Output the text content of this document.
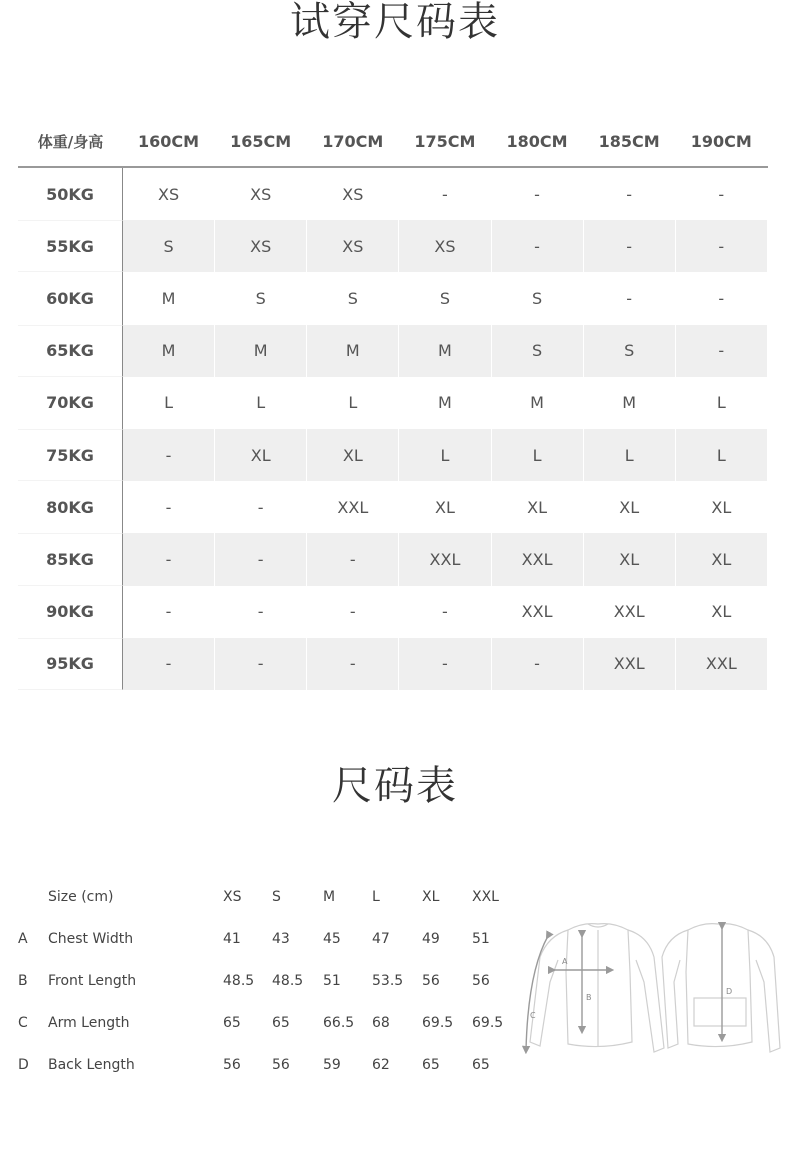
试穿尺码表
体重/身高	160CM	165CM	170CM	175CM	180CM	185CM	190CM
50KG	XS	XS	XS	-	-	-	-
55KG	S	XS	XS	XS	-	-	-
60KG	M	S	S	S	S	-	-
65KG	M	M	M	M	S	S	-
70KG	L	L	L	M	M	M	L
75KG	-	XL	XL	L	L	L	L
80KG	-	-	XXL	XL	XL	XL	XL
85KG	-	-	-	XXL	XXL	XL	XL
90KG	-	-	-	-	XXL	XXL	XL
95KG	-	-	-	-	-	XXL	XXL
尺码表
Size (cm)	XS S	M	L	XL XXL
A	Chest Width	41 43 45 47 49 51
B	Front Length	48.5 48.5 51 53.5 56 56
C	Arm Length	65 65 66.5 68 69.5 69.5
D	Back Length	56 56 59 62 65 65
A
B
C
D
